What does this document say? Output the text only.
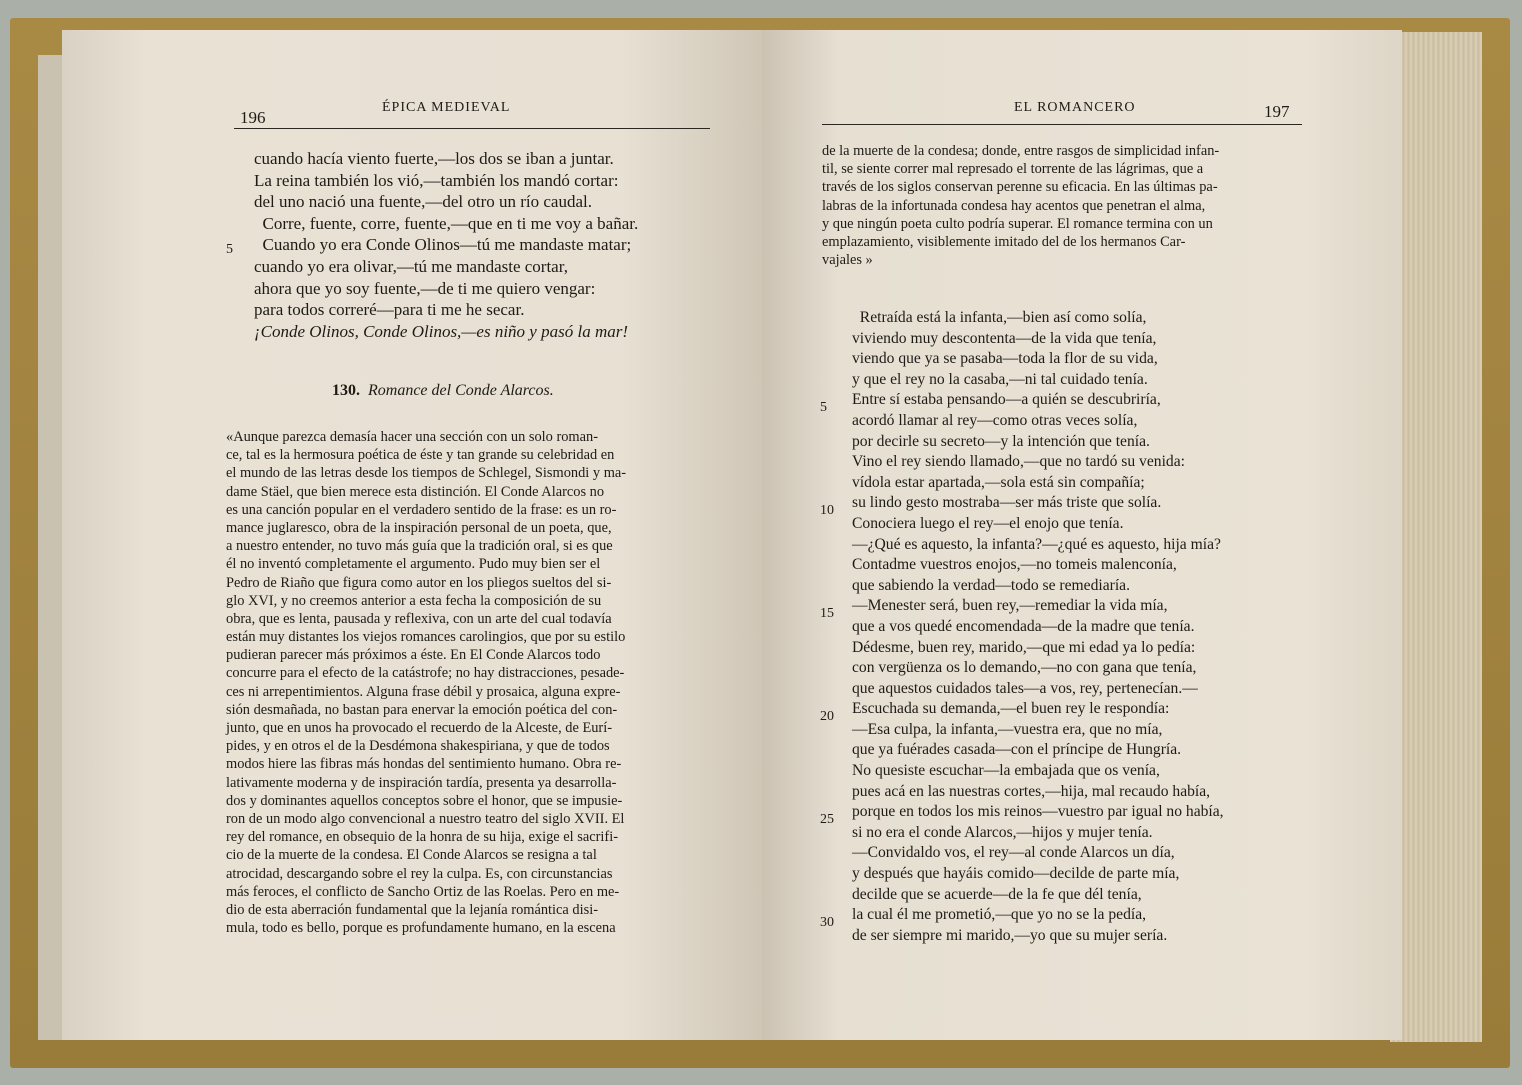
196
ÉPICA MEDIEVAL
cuando hacía viento fuerte,—los dos se iban a juntar.
La reina también los vió,—también los mandó cortar:
del uno nació una fuente,—del otro un río caudal.
Corre, fuente, corre, fuente,—que en ti me voy a bañar.
Cuando yo era Conde Olinos—tú me mandaste matar;
cuando yo era olivar,—tú me mandaste cortar,
ahora que yo soy fuente,—de ti me quiero vengar:
para todos correré—para ti me he secar.
¡Conde Olinos, Conde Olinos,—es niño y pasó la mar!
5
130. Romance del Conde Alarcos.
«Aunque parezca demasía hacer una sección con un solo roman-
ce, tal es la hermosura poética de éste y tan grande su celebridad en
el mundo de las letras desde los tiempos de Schlegel, Sismondi y ma-
dame Stäel, que bien merece esta distinción. El Conde Alarcos no
es una canción popular en el verdadero sentido de la frase: es un ro-
mance juglaresco, obra de la inspiración personal de un poeta, que,
a nuestro entender, no tuvo más guía que la tradición oral, si es que
él no inventó completamente el argumento. Pudo muy bien ser el
Pedro de Riaño que figura como autor en los pliegos sueltos del si-
glo XVI, y no creemos anterior a esta fecha la composición de su
obra, que es lenta, pausada y reflexiva, con un arte del cual todavía
están muy distantes los viejos romances carolingios, que por su estilo
pudieran parecer más próximos a éste. En El Conde Alarcos todo
concurre para el efecto de la catástrofe; no hay distracciones, pesade-
ces ni arrepentimientos. Alguna frase débil y prosaica, alguna expre-
sión desmañada, no bastan para enervar la emoción poética del con-
junto, que en unos ha provocado el recuerdo de la Alceste, de Eurí-
pides, y en otros el de la Desdémona shakespiriana, y que de todos
modos hiere las fibras más hondas del sentimiento humano. Obra re-
lativamente moderna y de inspiración tardía, presenta ya desarrolla-
dos y dominantes aquellos conceptos sobre el honor, que se impusie-
ron de un modo algo convencional a nuestro teatro del siglo XVII. El
rey del romance, en obsequio de la honra de su hija, exige el sacrifi-
cio de la muerte de la condesa. El Conde Alarcos se resigna a tal
atrocidad, descargando sobre el rey la culpa. Es, con circunstancias
más feroces, el conflicto de Sancho Ortiz de las Roelas. Pero en me-
dio de esta aberración fundamental que la lejanía romántica disi-
mula, todo es bello, porque es profundamente humano, en la escena
EL ROMANCERO	197
de la muerte de la condesa; donde, entre rasgos de simplicidad infan-
til, se siente correr mal represado el torrente de las lágrimas, que a
través de los siglos conservan perenne su eficacia. En las últimas pa-
labras de la infortunada condesa hay acentos que penetran el alma,
y que ningún poeta culto podría superar. El romance termina con un
emplazamiento, visiblemente imitado del de los hermanos Car-
vajales »
Retraída está la infanta,—bien así como solía,
viviendo muy descontenta—de la vida que tenía,
viendo que ya se pasaba—toda la flor de su vida,
y que el rey no la casaba,—ni tal cuidado tenía.
Entre sí estaba pensando—a quién se descubriría,
acordó llamar al rey—como otras veces solía,
por decirle su secreto—y la intención que tenía.
Vino el rey siendo llamado,—que no tardó su venida:
vídola estar apartada,—sola está sin compañía;
su lindo gesto mostraba—ser más triste que solía.
Conociera luego el rey—el enojo que tenía.
—¿Qué es aquesto, la infanta?—¿qué es aquesto, hija mía?
Contadme vuestros enojos,—no tomeis malenconía,
que sabiendo la verdad—todo se remediaría.
—Menester será, buen rey,—remediar la vida mía,
que a vos quedé encomendada—de la madre que tenía.
Dédesme, buen rey, marido,—que mi edad ya lo pedía:
con vergüenza os lo demando,—no con gana que tenía,
que aquestos cuidados tales—a vos, rey, pertenecían.—
Escuchada su demanda,—el buen rey le respondía:
—Esa culpa, la infanta,—vuestra era, que no mía,
que ya fuérades casada—con el príncipe de Hungría.
No quesiste escuchar—la embajada que os venía,
pues acá en las nuestras cortes,—hija, mal recaudo había,
porque en todos los mis reinos—vuestro par igual no había,
si no era el conde Alarcos,—hijos y mujer tenía.
—Convidaldo vos, el rey—al conde Alarcos un día,
y después que hayáis comido—decilde de parte mía,
decilde que se acuerde—de la fe que dél tenía,
la cual él me prometió,—que yo no se la pedía,
de ser siempre mi marido,—yo que su mujer sería.
5
10
15
20
25
30
